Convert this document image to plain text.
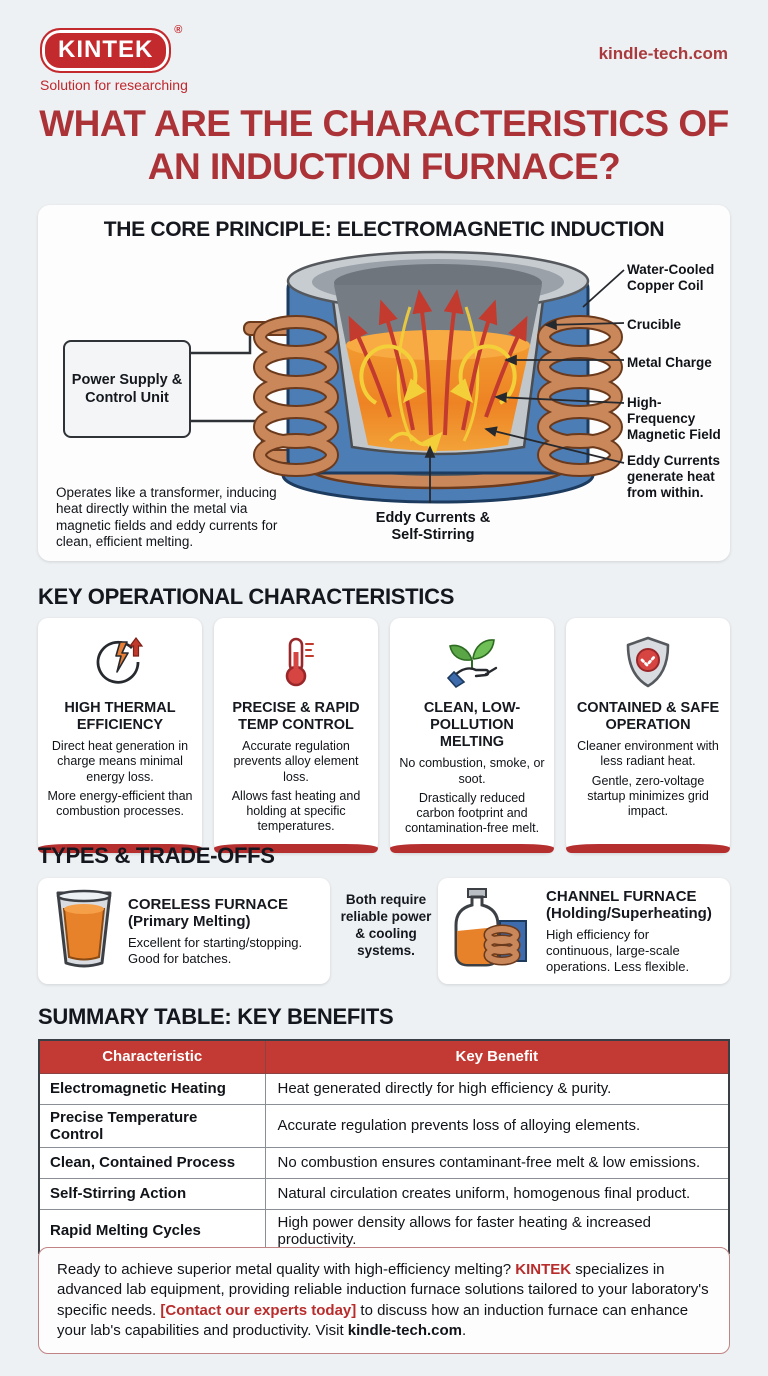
KINTEK
®
Solution for researching
kindle-tech.com
WHAT ARE THE CHARACTERISTICS OF AN INDUCTION FURNACE?
THE CORE PRINCIPLE: ELECTROMAGNETIC INDUCTION
Power Supply & Control Unit
Operates like a transformer, inducing heat directly within the metal via magnetic fields and eddy currents for clean, efficient melting.
Eddy Currents & Self-Stirring
Water-Cooled Copper Coil
Crucible
Metal Charge
High-Frequency Magnetic Field
Eddy Currents generate heat from within.
KEY OPERATIONAL CHARACTERISTICS
HIGH THERMAL EFFICIENCY

Direct heat generation in charge means minimal energy loss.

More energy-efficient than combustion processes.

PRECISE & RAPID TEMP CONTROL

Accurate regulation prevents alloy element loss.

Allows fast heating and holding at specific temperatures.

CLEAN, LOW-POLLUTION MELTING

No combustion, smoke, or soot.

Drastically reduced carbon footprint and contamination-free melt.

CONTAINED & SAFE OPERATION

Cleaner environment with less radiant heat.

Gentle, zero-voltage startup minimizes grid impact.

TYPES & TRADE-OFFS
CORELESS FURNACE
(Primary Melting)
Excellent for starting/stopping. Good for batches.
Both require reliable power & cooling systems.
CHANNEL FURNACE
(Holding/Superheating)
High efficiency for continuous, large-scale operations. Less flexible.
SUMMARY TABLE: KEY BENEFITS
Characteristic	Key Benefit
Electromagnetic Heating	Heat generated directly for high efficiency & purity.
Precise Temperature Control	Accurate regulation prevents loss of alloying elements.
Clean, Contained Process	No combustion ensures contaminant-free melt & low emissions.
Self-Stirring Action	Natural circulation creates uniform, homogenous final product.
Rapid Melting Cycles	High power density allows for faster heating & increased productivity.
Ready to achieve superior metal quality with high-efficiency melting? KINTEK specializes in advanced lab equipment, providing reliable induction furnace solutions tailored to your laboratory's specific needs. [Contact our experts today] to discuss how an induction furnace can enhance your lab's capabilities and productivity. Visit kindle-tech.com.
